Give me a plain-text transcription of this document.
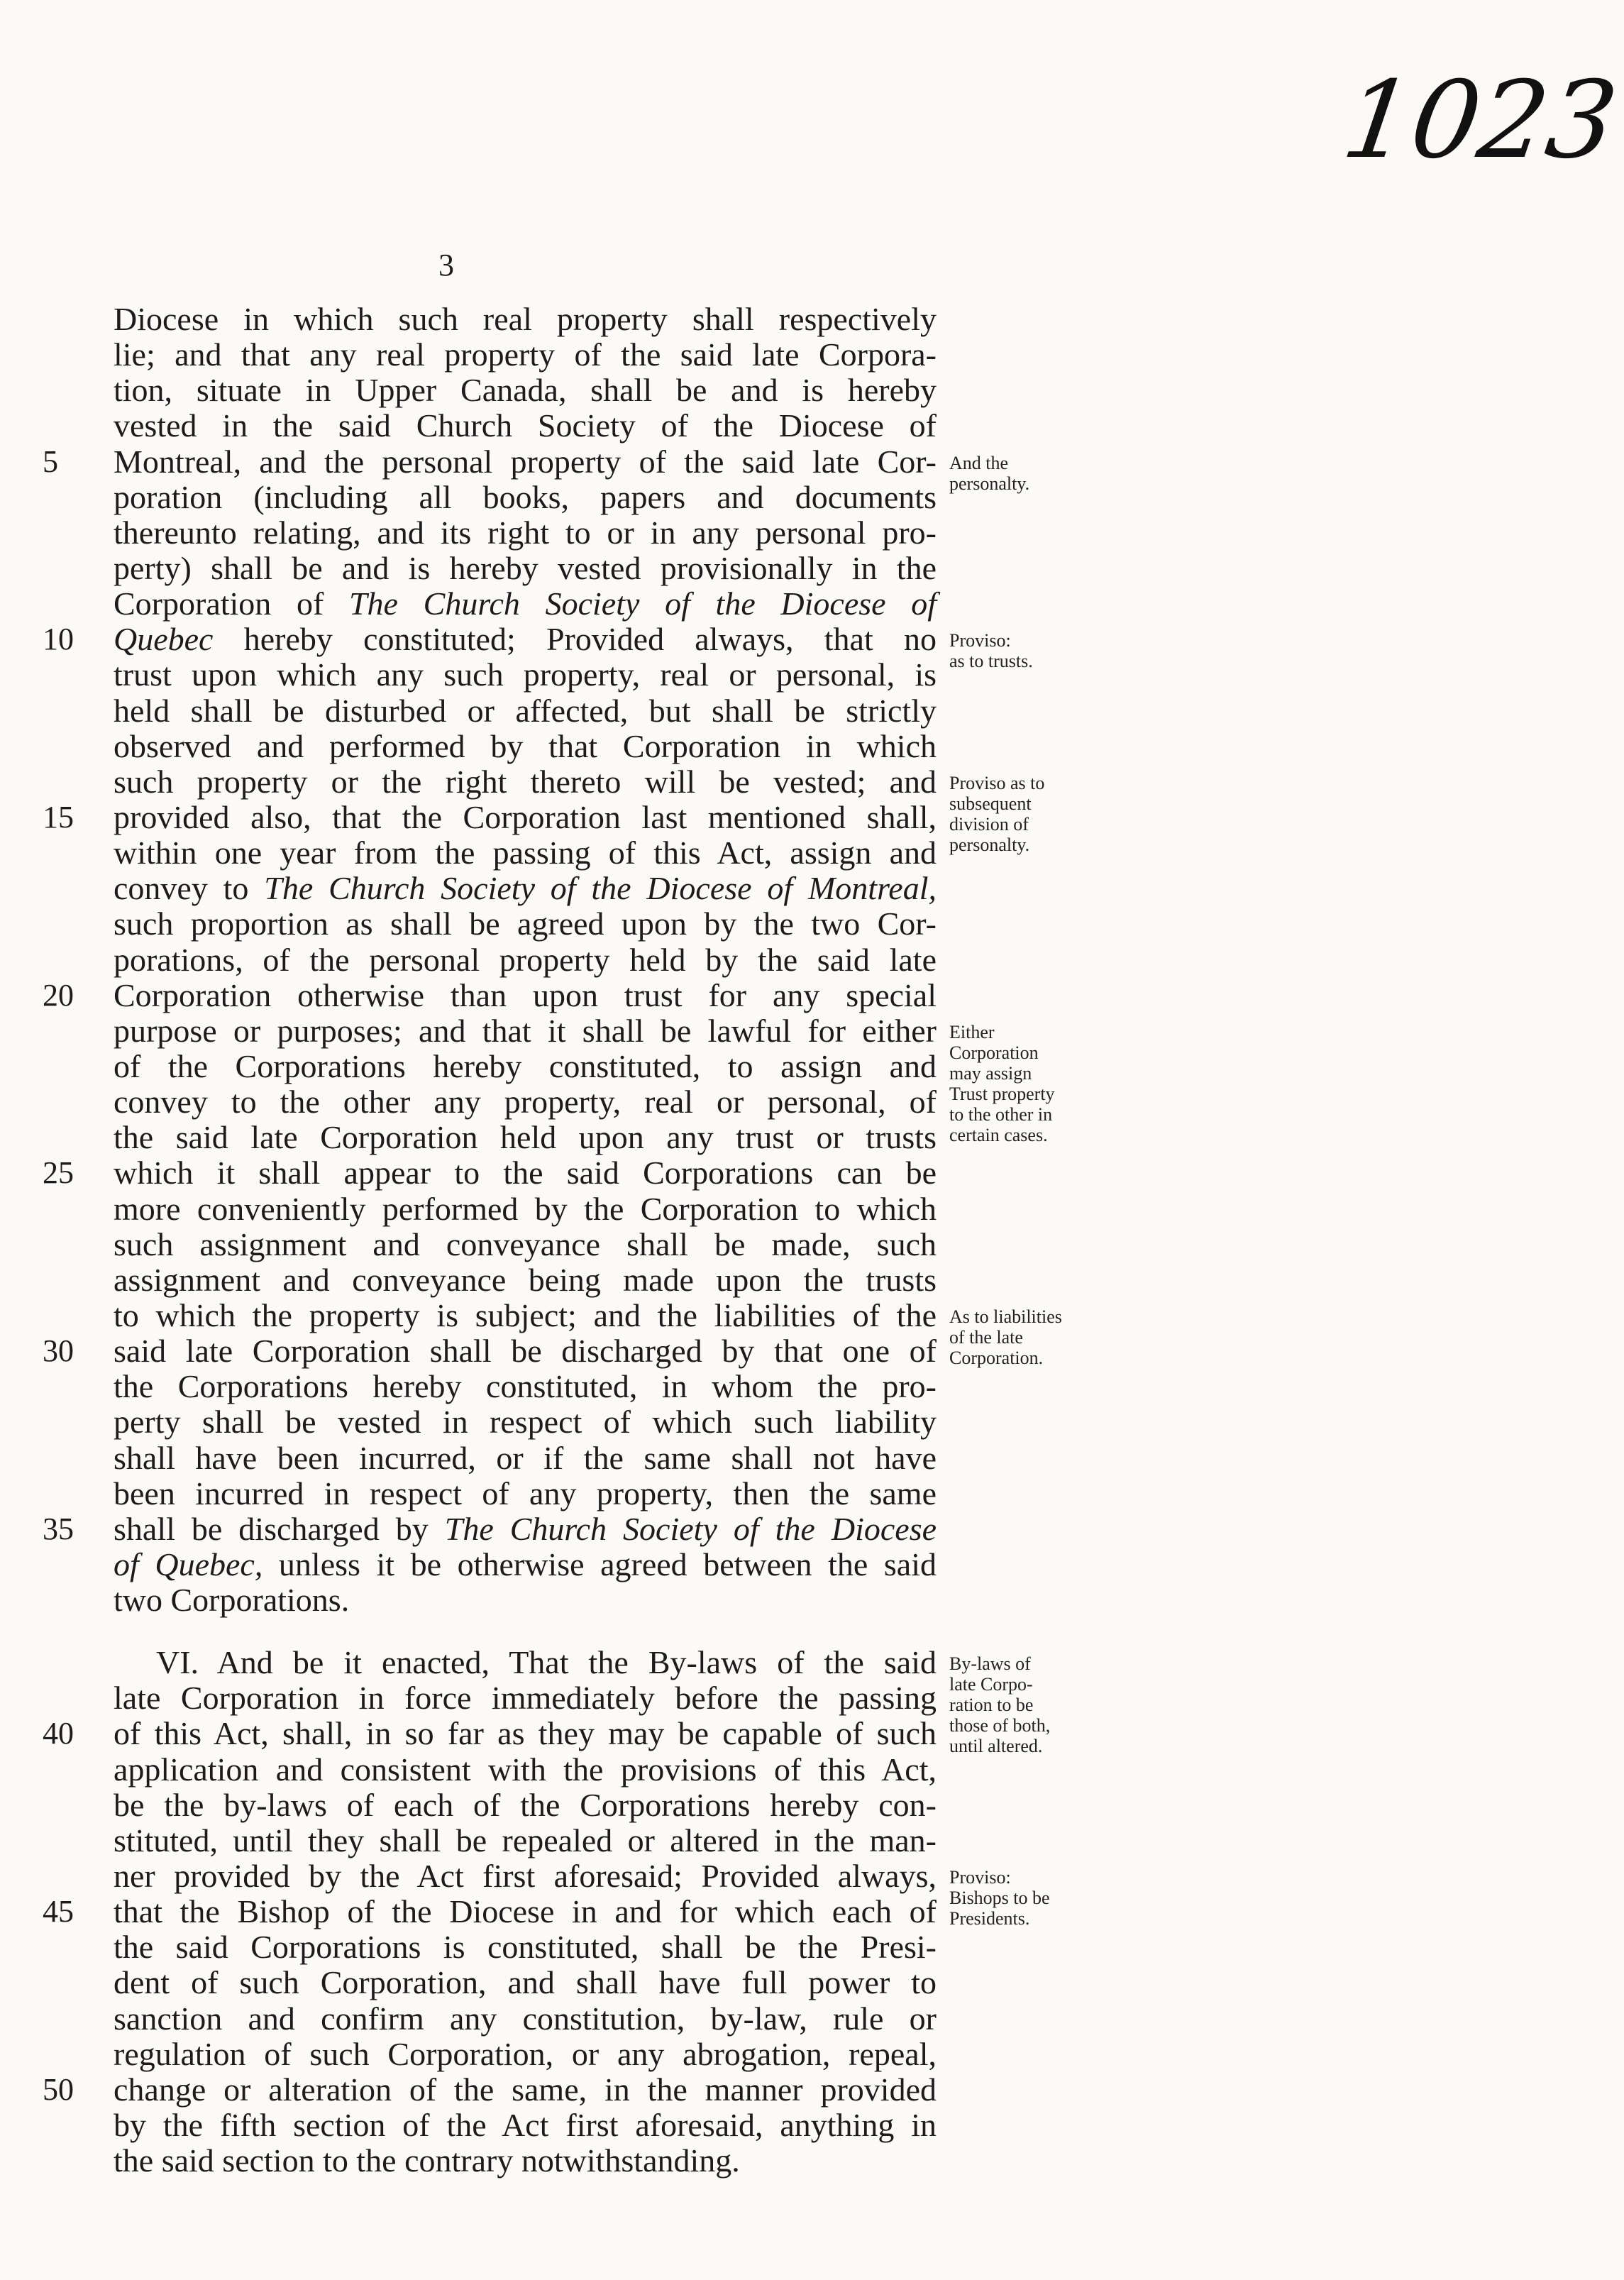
1023
3
Diocese in which such real property shall respectively
lie; and that any real property of the said late Corpora-
tion, situate in Upper Canada, shall be and is hereby
vested in the said Church Society of the Diocese of
5	Montreal, and the personal property of the said late Cor-
poration (including all books, papers and documents
thereunto relating, and its right to or in any personal pro-
perty) shall be and is hereby vested provisionally in the
Corporation of The Church Society of the Diocese of
10	Quebec hereby constituted; Provided always, that no
trust upon which any such property, real or personal, is
held shall be disturbed or affected, but shall be strictly
observed and performed by that Corporation in which
such property or the right thereto will be vested; and
15	provided also, that the Corporation last mentioned shall,
within one year from the passing of this Act, assign and
convey to The Church Society of the Diocese of Montreal,
such proportion as shall be agreed upon by the two Cor-
porations, of the personal property held by the said late
20	Corporation otherwise than upon trust for any special
purpose or purposes; and that it shall be lawful for either
of the Corporations hereby constituted, to assign and
convey to the other any property, real or personal, of
the said late Corporation held upon any trust or trusts
25	which it shall appear to the said Corporations can be
more conveniently performed by the Corporation to which
such assignment and conveyance shall be made, such
assignment and conveyance being made upon the trusts
to which the property is subject; and the liabilities of the
30	said late Corporation shall be discharged by that one of
the Corporations hereby constituted, in whom the pro-
perty shall be vested in respect of which such liability
shall have been incurred, or if the same shall not have
been incurred in respect of any property, then the same
35	shall be discharged by The Church Society of the Diocese
of Quebec, unless it be otherwise agreed between the said
two Corporations.
VI. And be it enacted, That the By-laws of the said
late Corporation in force immediately before the passing
40	of this Act, shall, in so far as they may be capable of such
application and consistent with the provisions of this Act,
be the by-laws of each of the Corporations hereby con-
stituted, until they shall be repealed or altered in the man-
ner provided by the Act first aforesaid; Provided always,
45	that the Bishop of the Diocese in and for which each of
the said Corporations is constituted, shall be the Presi-
dent of such Corporation, and shall have full power to
sanction and confirm any constitution, by-law, rule or
regulation of such Corporation, or any abrogation, repeal,
50	change or alteration of the same, in the manner provided
by the fifth section of the Act first aforesaid, anything in
the said section to the contrary notwithstanding.
And the
personalty.
Proviso:
as to trusts.
Proviso as to
subsequent
division of
personalty.
Either
Corporation
may assign
Trust property
to the other in
certain cases.
As to liabilities
of the late
Corporation.
By-laws of
late Corpo-
ration to be
those of both,
until altered.
Proviso:
Bishops to be
Presidents.
